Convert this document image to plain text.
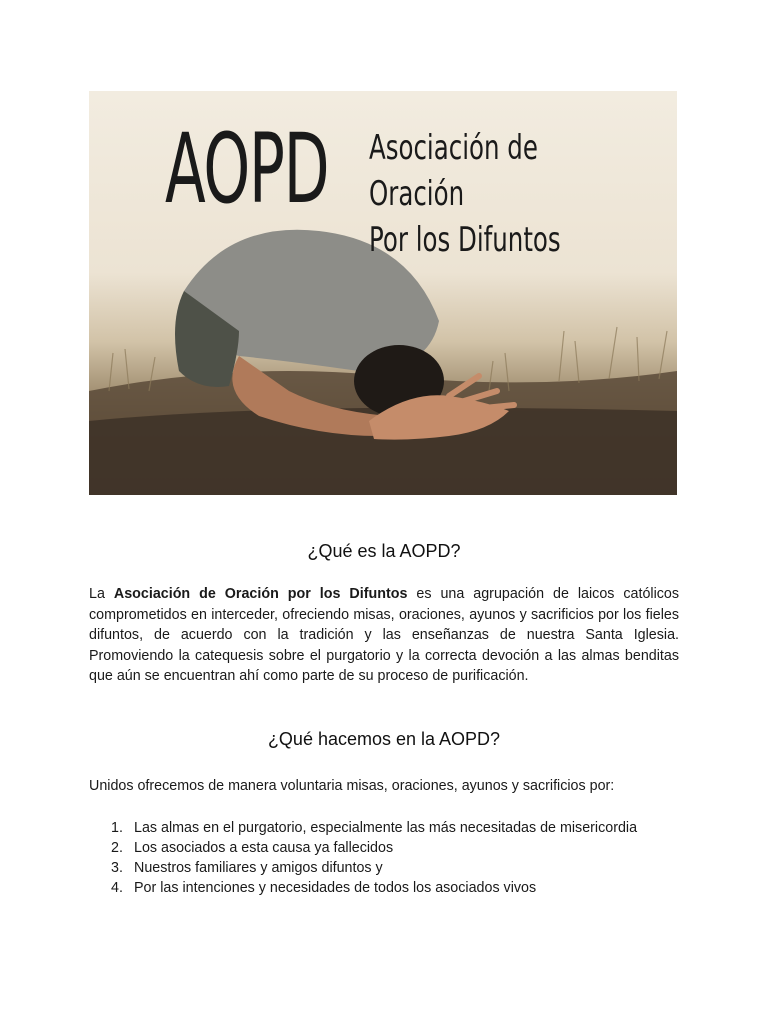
AOPD Asociación de Oración
Por los Difuntos
¿Qué es la AOPD?
La Asociación de Oración por los Difuntos es una agrupación de laicos católicos comprometidos en interceder, ofreciendo misas, oraciones, ayunos y sacrificios por los fieles difuntos, de acuerdo con la tradición y las enseñanzas de nuestra Santa Iglesia. Promoviendo la catequesis sobre el purgatorio y la correcta devoción a las almas benditas que aún se encuentran ahí como parte de su proceso de purificación.
¿Qué hacemos en la AOPD?
Unidos ofrecemos de manera voluntaria misas, oraciones, ayunos y sacrificios por:
1. Las almas en el purgatorio, especialmente las más necesitadas de misericordia
2. Los asociados a esta causa ya fallecidos
3. Nuestros familiares y amigos difuntos y
4. Por las intenciones y necesidades de todos los asociados vivos
